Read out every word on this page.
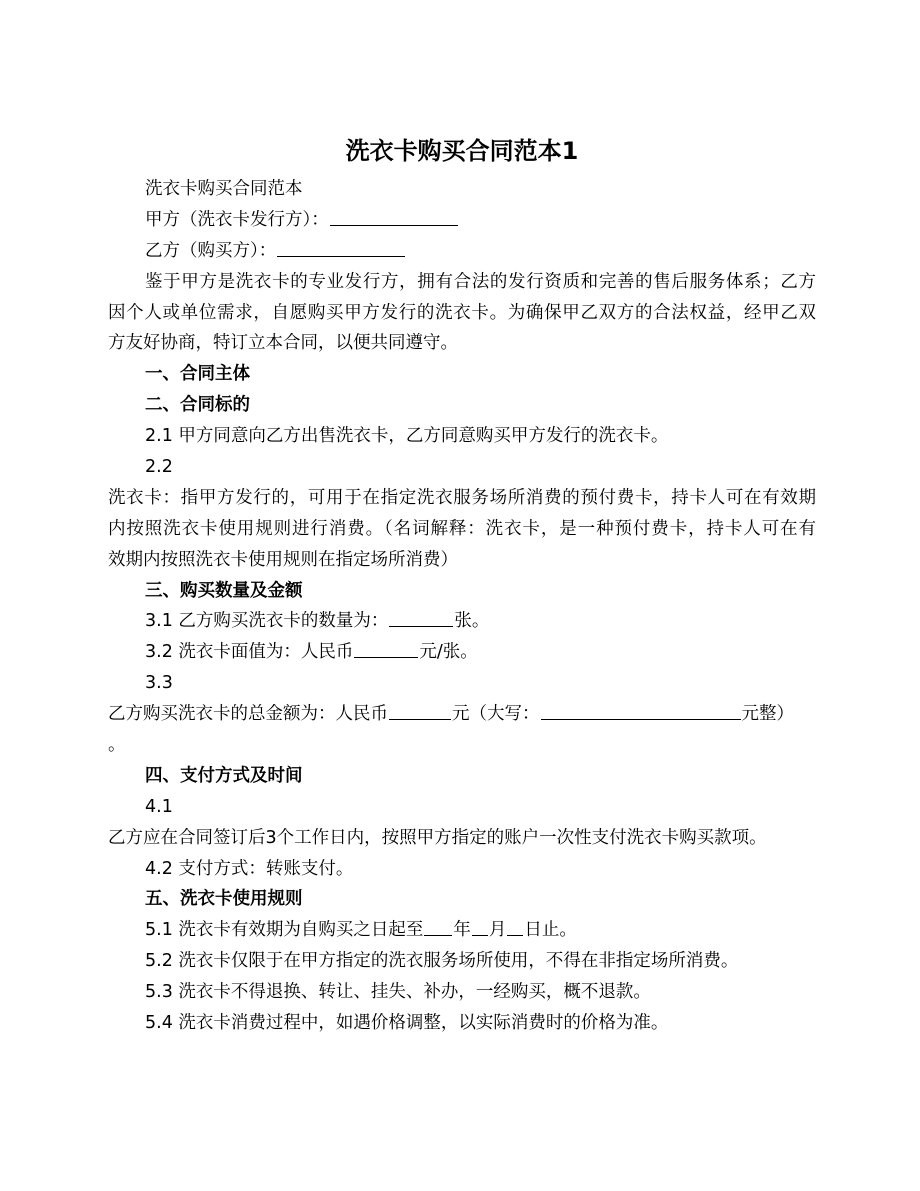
洗衣卡购买合同范本1
洗衣卡购买合同范本
甲方（洗衣卡发行方）：
乙方（购买方）：
鉴于甲方是洗衣卡的专业发行方，拥有合法的发行资质和完善的售后服务体系；乙方
因个人或单位需求，自愿购买甲方发行的洗衣卡。为确保甲乙双方的合法权益，经甲乙双
方友好协商，特订立本合同，以便共同遵守。
一、合同主体
二、合同标的
2.1 甲方同意向乙方出售洗衣卡，乙方同意购买甲方发行的洗衣卡。
2.2
洗衣卡：指甲方发行的，可用于在指定洗衣服务场所消费的预付费卡，持卡人可在有效期
内按照洗衣卡使用规则进行消费。（名词解释：洗衣卡，是一种预付费卡，持卡人可在有
效期内按照洗衣卡使用规则在指定场所消费）
三、购买数量及金额
3.1 乙方购买洗衣卡的数量为：	张。
3.2 洗衣卡面值为：人民币	元/张。
3.3
乙方购买洗衣卡的总金额为：人民币	元（大写：	元整）
。
四、支付方式及时间
4.1
乙方应在合同签订后3个工作日内，按照甲方指定的账户一次性支付洗衣卡购买款项。
4.2 支付方式：转账支付。
五、洗衣卡使用规则
5.1 洗衣卡有效期为自购买之日起至 年 月 日止。
5.2 洗衣卡仅限于在甲方指定的洗衣服务场所使用，不得在非指定场所消费。
5.3 洗衣卡不得退换、转让、挂失、补办，一经购买，概不退款。
5.4 洗衣卡消费过程中，如遇价格调整，以实际消费时的价格为准。
